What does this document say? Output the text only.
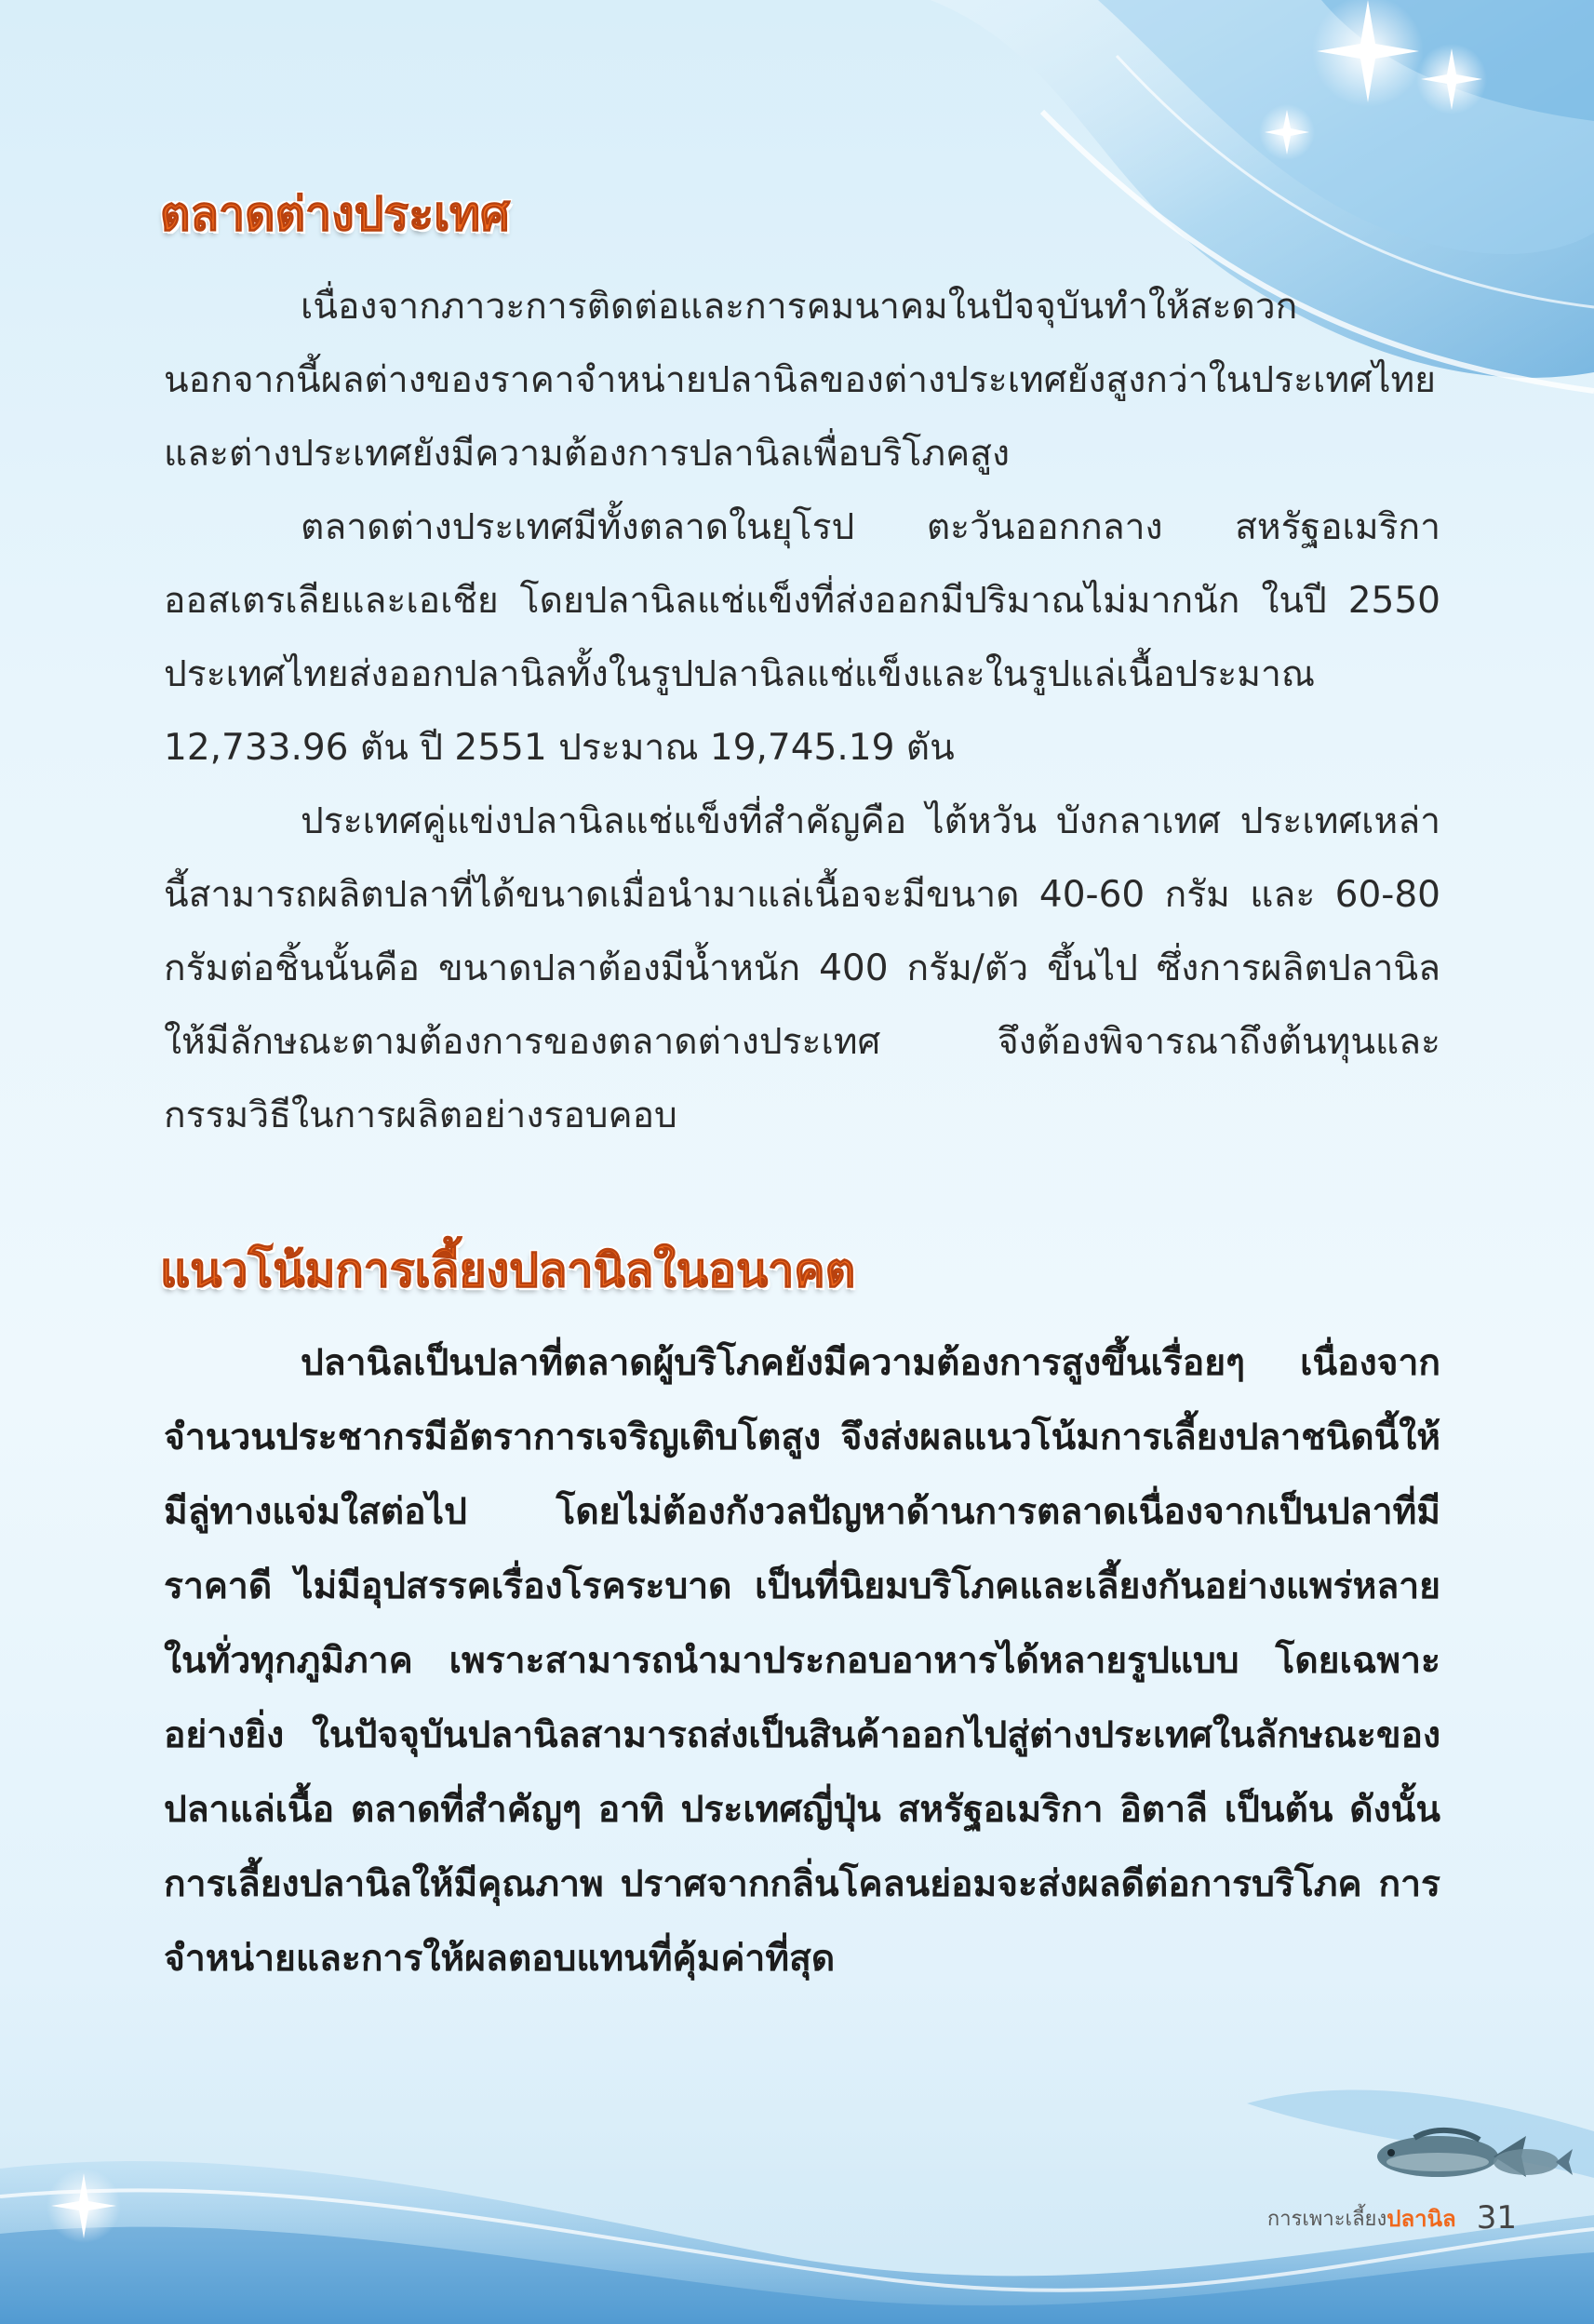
ตลาดต่างประเทศ

เนื่องจากภาวะการติดต่อและการคมนาคมในปัจจุบันทำให้สะดวก นอกจากนี้ผลต่างของราคาจำหน่ายปลานิลของต่างประเทศยังสูงกว่าในประเทศไทย และต่างประเทศยังมีความต้องการปลานิลเพื่อบริโภคสูง

ตลาดต่างประเทศมีทั้งตลาดในยุโรป ตะวันออกกลาง สหรัฐอเมริกา ออสเตรเลียและเอเชีย โดยปลานิลแช่แข็งที่ส่งออกมีปริมาณไม่มากนัก ในปี 2550 ประเทศไทยส่งออกปลานิลทั้งในรูปปลานิลแช่แข็งและในรูปแล่เนื้อประมาณ 12,733.96 ตัน ปี 2551 ประมาณ 19,745.19 ตัน

ประเทศคู่แข่งปลานิลแช่แข็งที่สำคัญคือ ไต้หวัน บังกลาเทศ ประเทศเหล่านี้สามารถผลิตปลาที่ได้ขนาดเมื่อนำมาแล่เนื้อจะมีขนาด 40-60 กรัม และ 60-80 กรัมต่อชิ้นนั้นคือ ขนาดปลาต้องมีน้ำหนัก 400 กรัม/ตัว ขึ้นไป ซึ่งการผลิตปลานิลให้มีลักษณะตามต้องการของตลาดต่างประเทศ จึงต้องพิจารณาถึงต้นทุนและกรรมวิธีในการผลิตอย่างรอบคอบ

แนวโน้มการเลี้ยงปลานิลในอนาคต

ปลานิลเป็นปลาที่ตลาดผู้บริโภคยังมีความต้องการสูงขึ้นเรื่อยๆ เนื่องจากจำนวนประชากรมีอัตราการเจริญเติบโตสูง จึงส่งผลแนวโน้มการเลี้ยงปลาชนิดนี้ให้มีลู่ทางแจ่มใสต่อไป โดยไม่ต้องกังวลปัญหาด้านการตลาดเนื่องจากเป็นปลาที่มีราคาดี ไม่มีอุปสรรคเรื่องโรคระบาด เป็นที่นิยมบริโภคและเลี้ยงกันอย่างแพร่หลายในทั่วทุกภูมิภาค เพราะสามารถนำมาประกอบอาหารได้หลายรูปแบบ โดยเฉพาะอย่างยิ่ง ในปัจจุบันปลานิลสามารถส่งเป็นสินค้าออกไปสู่ต่างประเทศในลักษณะของปลาแล่เนื้อ ตลาดที่สำคัญๆ อาทิ ประเทศญี่ปุ่น สหรัฐอเมริกา อิตาลี เป็นต้น ดังนั้นการเลี้ยงปลานิลให้มีคุณภาพ ปราศจากกลิ่นโคลนย่อมจะส่งผลดีต่อการบริโภค การจำหน่ายและการให้ผลตอบแทนที่คุ้มค่าที่สุด

การเพาะเลี้ยง ปลานิล 31
